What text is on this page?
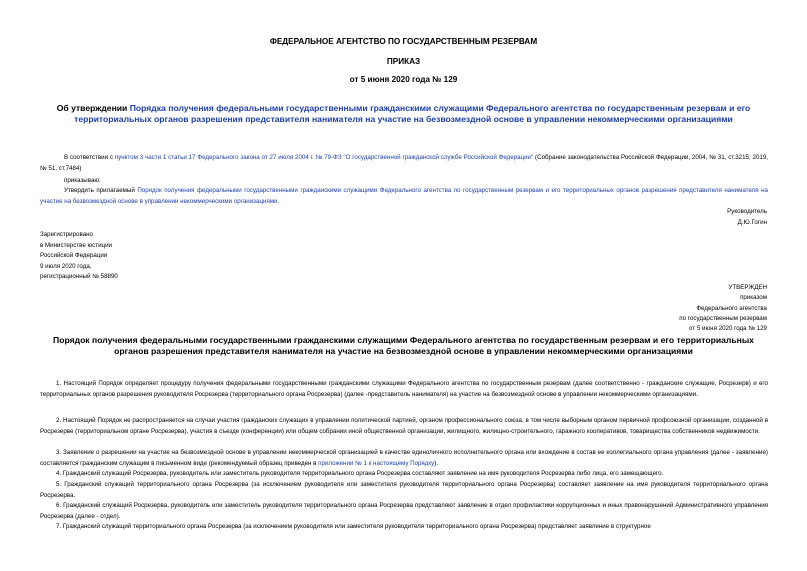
ФЕДЕРАЛЬНОЕ АГЕНТСТВО ПО ГОСУДАРСТВЕННЫМ РЕЗЕРВАМ
ПРИКАЗ
от 5 июня 2020 года № 129
Об утверждении Порядка получения федеральными государственными гражданскими служащими Федерального агентства по государственным резервам и его территориальных органов разрешения представителя нанимателя на участие на безвозмездной основе в управлении некоммерческими организациями
В соответствии с пунктом 3 части 1 статьи 17 Федерального закона от 27 июля 2004 г. № 79-ФЗ "О государственной гражданской службе Российской Федерации" (Собрание законодательства Российской Федерации, 2004, № 31, ст.3215; 2019, № 51, ст.7484)
приказываю:
Утвердить прилагаемый Порядок получения федеральными государственными гражданскими служащими Федерального агентства по государственным резервам и его территориальных органов разрешения представителя нанимателя на участие на безвозмездной основе в управлении некоммерческими организациями.
Руководитель
Д.Ю.Гогин
Зарегистрировано
в Министерстве юстиции
Российской Федерации
9 июля 2020 года,
регистрационный № 58890
УТВЕРЖДЕН
приказом
Федерального агентства
по государственным резервам
от 5 июня 2020 года № 129
Порядок получения федеральными государственными гражданскими служащими Федерального агентства по государственным резервам и его территориальных органов разрешения представителя нанимателя на участие на безвозмездной основе в управлении некоммерческими организациями
1. Настоящий Порядок определяет процедуру получения федеральными государственными гражданскими служащими Федерального агентства по государственным резервам (далее соответственно - гражданские служащие, Росрезерв) и его территориальных органов разрешения руководителя Росрезерва (территориального органа Росрезерва) (далее -представитель нанимателя) на участие на безвозмездной основе в управлении некоммерческими организациями.
2. Настоящий Порядок не распространяется на случаи участия гражданских служащих в управлении политической партией, органом профессионального союза, в том числе выборным органом первичной профсоюзной организации, созданной в Росрезерве (территориальном органе Росрезерва), участия в съезде (конференции) или общем собрании иной общественной организации, жилищного, жилищно-строительного, гаражного кооперативов, товарищества собственников недвижимости.
3. Заявление о разрешении на участие на безвозмездной основе в управлении некоммерческой организацией в качестве единоличного исполнительного органа или вхождение в состав ее коллегиального органа управления (далее - заявление) составляется гражданским служащим в письменном виде (рекомендуемый образец приведен в приложении № 1 к настоящему Порядку).
4. Гражданский служащий Росрезерва, руководитель или заместитель руководителя территориального органа Росрезерва составляют заявление на имя руководителя Росрезерва либо лица, его замещающего.
5. Гражданский служащий территориального органа Росрезерва (за исключением руководителя или заместителя руководителя территориального органа Росрезерва) составляет заявление на имя руководителя территориального органа Росрезерва.
6. Гражданский служащий Росрезерва, руководитель или заместитель руководителя территориального органа Росрезерва представляют заявление в отдел профилактики коррупционных и иных правонарушений Административного управления Росрезерва (далее - отдел).
7. Гражданский служащий территориального органа Росрезерва (за исключением руководителя или заместителя руководителя территориального органа Росрезерва) представляет заявление в структурное
